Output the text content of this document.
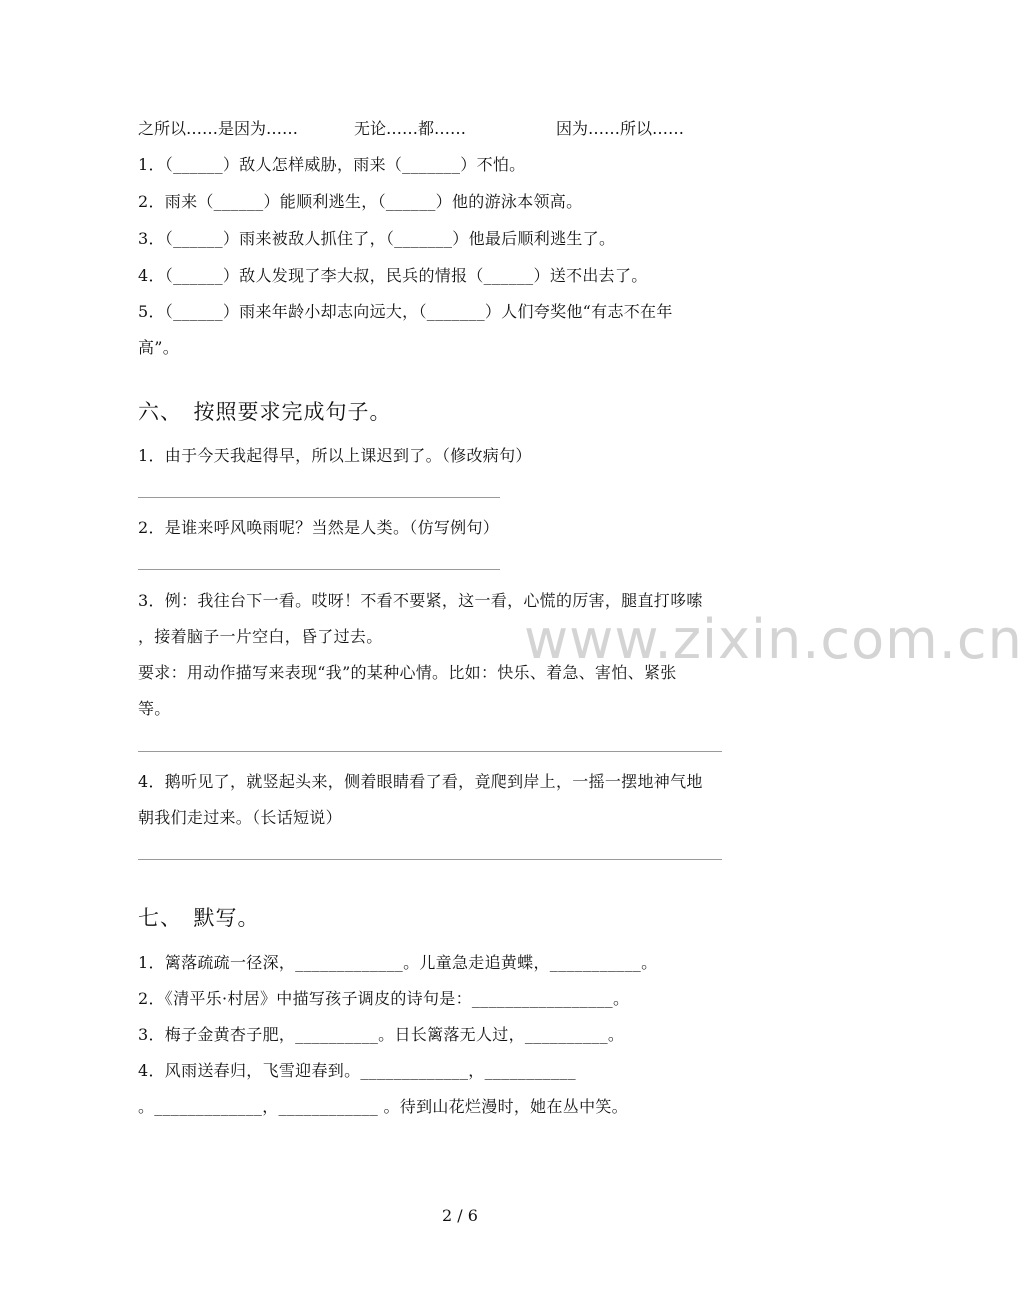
之所以……是因为……	无论……都……	因为……所以……
1．（______）敌人怎样威胁，雨来（_______）不怕。
2．雨来（______）能顺利逃生，（______）他的游泳本领高。
3．（______）雨来被敌人抓住了，（_______）他最后顺利逃生了。
4．（______）敌人发现了李大叔，民兵的情报（______）送不出去了。
5．（______）雨来年龄小却志向远大，（_______）人们夸奖他“有志不在年
高”。
六、　按照要求完成句子。
1．由于今天我起得早，所以上课迟到了。（修改病句）
2．是谁来呼风唤雨呢？当然是人类。（仿写例句）
3．例：我往台下一看。哎呀！不看不要紧，这一看，心慌的厉害，腿直打哆嗦
，接着脑子一片空白，昏了过去。
要求：用动作描写来表现“我”的某种心情。比如：快乐、着急、害怕、紧张
等。
4．鹅听见了，就竖起头来，侧着眼睛看了看，竟爬到岸上，一摇一摆地神气地
朝我们走过来。（长话短说）
七、　默写。
1．篱落疏疏一径深，_____________。儿童急走追黄蝶，___________。
2．《清平乐·村居》中描写孩子调皮的诗句是：_________________。
3．梅子金黄杏子肥，__________。日长篱落无人过，__________。
4．风雨送春归，飞雪迎春到。_____________，___________
。_____________，____________ 。待到山花烂漫时，她在丛中笑。
www.zixin.com.cn
2 / 6
